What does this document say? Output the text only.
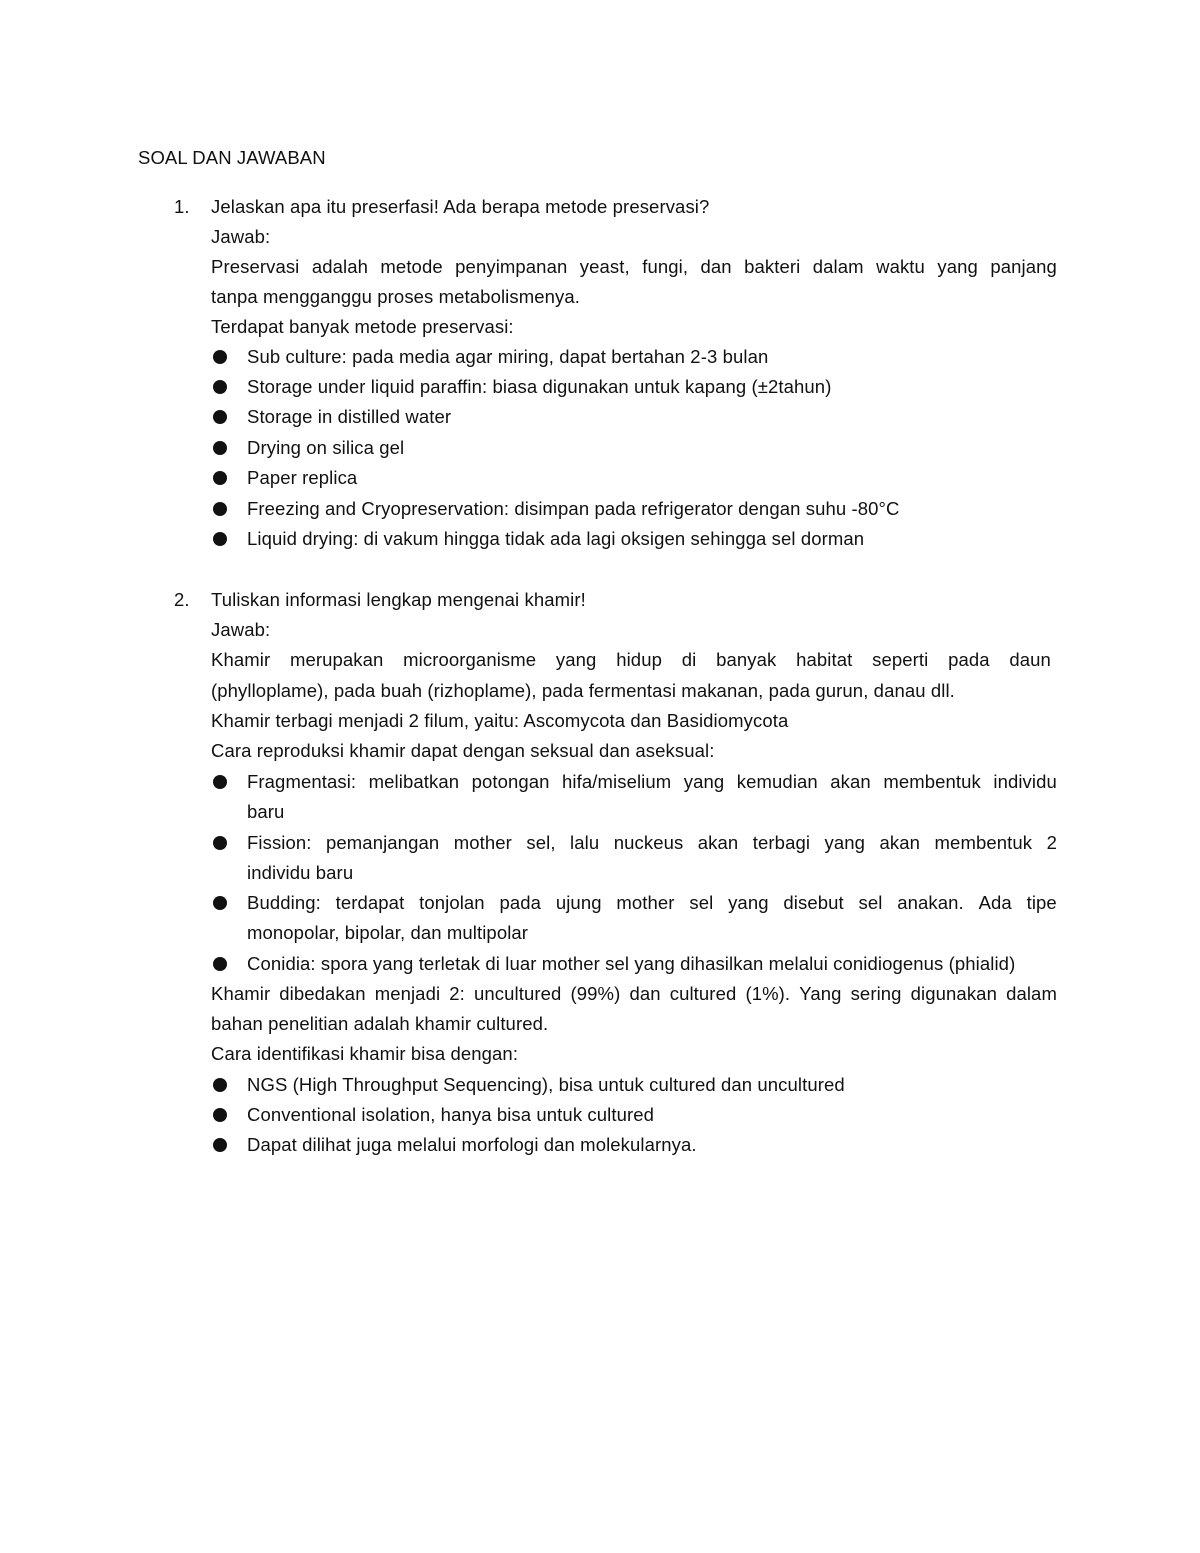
SOAL DAN JAWABAN
1. Jelaskan apa itu preserfasi! Ada berapa metode preservasi?
Jawab:
Preservasi adalah metode penyimpanan yeast, fungi, dan bakteri dalam waktu yang panjang
tanpa mengganggu proses metabolismenya.
Terdapat banyak metode preservasi:
Sub culture: pada media agar miring, dapat bertahan 2-3 bulan
Storage under liquid paraffin: biasa digunakan untuk kapang (±2tahun)
Storage in distilled water
Drying on silica gel
Paper replica
Freezing and Cryopreservation: disimpan pada refrigerator dengan suhu -80°C
Liquid drying: di vakum hingga tidak ada lagi oksigen sehingga sel dorman
2. Tuliskan informasi lengkap mengenai khamir!
Jawab:
Khamir merupakan microorganisme yang hidup di banyak habitat seperti pada daun
(phylloplame), pada buah (rizhoplame), pada fermentasi makanan, pada gurun, danau dll.
Khamir terbagi menjadi 2 filum, yaitu: Ascomycota dan Basidiomycota
Cara reproduksi khamir dapat dengan seksual dan aseksual:
Fragmentasi: melibatkan potongan hifa/miselium yang kemudian akan membentuk individu
baru
Fission: pemanjangan mother sel, lalu nuckeus akan terbagi yang akan membentuk 2
individu baru
Budding: terdapat tonjolan pada ujung mother sel yang disebut sel anakan. Ada tipe
monopolar, bipolar, dan multipolar
Conidia: spora yang terletak di luar mother sel yang dihasilkan melalui conidiogenus (phialid)
Khamir dibedakan menjadi 2: uncultured (99%) dan cultured (1%). Yang sering digunakan dalam
bahan penelitian adalah khamir cultured.
Cara identifikasi khamir bisa dengan:
NGS (High Throughput Sequencing), bisa untuk cultured dan uncultured
Conventional isolation, hanya bisa untuk cultured
Dapat dilihat juga melalui morfologi dan molekularnya.
